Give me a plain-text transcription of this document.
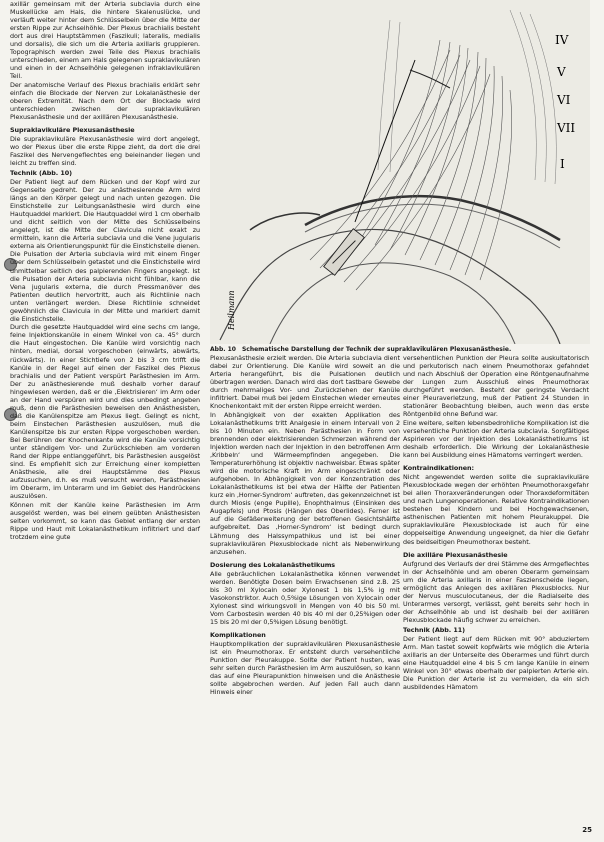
axillär gemeinsam mit der Arteria subclavia durch eine Muskellücke am Hals, die hintere Skalenuslücke, und verläuft weiter hinter dem Schlüsselbein über die Mitte der ersten Rippe zur Achselhöhle. Der Plexus brachialis besteht dort aus drei Hauptstämmen (Faszikuli; lateralis, medialis und dorsalis), die sich um die Arteria axillaris gruppieren. Topographisch werden zwei Teile des Plexus brachialis unterschieden, einem am Hals gelegenen supraklavikulären und einen in der Achselhöhle gelegenen infraklavikulären Teil.

Der anatomische Verlauf des Plexus brachialis erklärt sehr einfach die Blockade der Nerven zur Lokalanästhesie der oberen Extremität. Nach dem Ort der Blockade wird unterschieden zwischen der supraklavikulären Plexusanästhesie und der axillären Plexusanästhesie.

Supraklavikuläre Plexusanästhesie

Die supraklavikuläre Plexusanästhesie wird dort angelegt, wo der Plexus über die erste Rippe zieht, da dort die drei Faszikel des Nervengeflechtes eng beieinander liegen und leicht zu treffen sind.

Technik (Abb. 10)

Der Patient liegt auf dem Rücken und der Kopf wird zur Gegenseite gedreht. Der zu anästhesierende Arm wird längs an den Körper gelegt und nach unten gezogen. Die Einstichstelle zur Leitungsanästhesie wird durch eine Hautquaddel markiert. Die Hautquaddel wird 1 cm oberhalb und dicht seitlich von der Mitte des Schlüsselbeins angelegt, ist die Mitte der Clavicula nicht exakt zu ermitteln, kann die Arteria subclavia und die Vene jugularis externa als Orientierungspunkt für die Einstichstelle dienen. Die Pulsation der Arteria subclavia wird mit einem Finger über dem Schlüsselbein getastet und die Einstichstelle wird unmittelbar seitlich des palpierenden Fingers angelegt. Ist die Pulsation der Arteria subclavia nicht fühlbar, kann die Vena jugularis externa, die durch Pressmanöver des Patienten deutlich hervortritt, auch als Richtlinie nach unten verlängert werden. Diese Richtlinie schneidet gewöhnlich die Clavicula in der Mitte und markiert damit die Einstichstelle.

Durch die gesetzte Hautquaddel wird eine sechs cm lange, feine Injektionskanüle in einem Winkel von ca. 45° durch die Haut eingestochen. Die Kanüle wird vorsichtig nach hinten, medial, dorsal vorgeschoben (einwärts, abwärts, rückwärts). In einer Stichtiefe von 2 bis 3 cm trifft die Kanüle in der Regel auf einen der Faszikel des Plexus brachialis und der Patient verspürt Parästhesien im Arm. Der zu anästhesierende muß deshalb vorher darauf hingewiesen werden, daß er die ‚Elektrisieren‘ im Arm oder an der Hand verspüren wird und dies unbedingt angeben muß, denn die Parästhesien beweisen den Anästhesisten, daß die Kanülenspitze am Plexus liegt. Gelingt es nicht, beim Einstechen Parästhesien auszulösen, muß die Kanülenspitze bis zur ersten Rippe vorgeschoben werden. Bei Berühren der Knochenkante wird die Kanüle vorsichtig unter ständigem Vor- und Zurückschieben am vorderen Rand der Rippe entlanggeführt, bis Parästhesien ausgelöst sind. Es empfiehlt sich zur Erreichung einer kompletten Anästhesie, alle drei Hauptstämme des Plexus aufzusuchen, d.h. es muß versucht werden, Parästhesien im Oberarm, im Unterarm und im Gebiet des Handrückens auszulösen.

Können mit der Kanüle keine Parästhesien im Arm ausgelöst werden, was bei einem geübten Anästhesisten selten vorkommt, so kann das Gebiet entlang der ersten Rippe und Haut mit Lokalanästhetikum infiltriert und darf trotzdem eine gute

IV
V
VI
VII
I
Heilmann
Abb. 10 Schematische Darstellung der Technik der supraklavikulären Plexusanästhesie.

Plexusanästhesie erzielt werden. Die Arteria subclavia dient dabei zur Orientierung. Die Kanüle wird soweit an die Arteria herangeführt, bis die Pulsationen deutlich übertragen werden. Danach wird das dort tastbare Gewebe durch mehrmaliges Vor- und Zurückziehen der Kanüle infiltriert. Dabei muß bei jedem Einstechen wieder erneutes Knochenkontakt mit der ersten Rippe erreicht werden.

In Abhängigkeit von der exakten Applikation des Lokalanästhetikums tritt Analgesie in einem Intervall von 2 bis 10 Minuten ein. Neben Parästhesien in Form von brennenden oder elektrisierenden Schmerzen während der Injektion werden nach der Injektion in den betroffenen Arm ‚Kribbeln‘ und Wärmeempfinden angegeben. Die Temperaturerhöhung ist objektiv nachweisbar. Etwas später wird die motorische Kraft im Arm eingeschränkt oder aufgehoben. In Abhängigkeit von der Konzentration des Lokalanästhetikums ist bei etwa der Hälfte der Patienten kurz ein ‚Horner-Syndrom‘ auftreten, das gekennzeichnet ist durch Miosis (enge Pupille), Enophthalmus (Einsinken des Augapfels) und Ptosis (Hängen des Oberlides). Ferner ist auf die Gefäßerweiterung der betroffenen Gesichtshälfte aufgebreitet. Das ‚Horner-Syndrom‘ ist bedingt durch Lähmung des Halssympathikus und ist bei einer supraklavikulären Plexusblockade nicht als Nebenwirkung anzusehen.

Dosierung des Lokalanästhetikums

Alle gebräuchlichen Lokalanästhetika können verwendet werden. Benötigte Dosen beim Erwachsenen sind z.B. 25 bis 30 ml Xylocain oder Xylonest 1 bis 1,5% ig mit Vasokonstriktor. Auch 0,5%ige Lösungen von Xylocain oder Xylonest sind wirkungsvoll in Mengen von 40 bis 50 ml. Vom Carbostesin werden 40 bis 40 ml der 0,25%igen oder 15 bis 20 ml der 0,5%igen Lösung benötigt.

Komplikationen

Hauptkomplikation der supraklavikulären Plexusanästhesie ist ein Pneumothorax. Er entsteht durch versehentliche Punktion der Pleurakuppe. Sollte der Patient husten, was sehr selten durch Parästhesien im Arm auszulösen, so kann das auf eine Pleurapunktion hinweisen und die Anästhesie sollte abgebrochen werden. Auf jeden Fall auch dann Hinweis einer

versehentlichen Punktion der Pleura sollte auskultatorisch und perkutorisch nach einem Pneumothorax gefahndet und nach Abschluß der Operation eine Röntgenaufnahme der Lungen zum Ausschluß eines Pneumothorax durchgeführt werden. Besteht der geringste Verdacht einer Pleuraverletzung, muß der Patient 24 Stunden in stationärer Beobachtung bleiben, auch wenn das erste Röntgenbild ohne Befund war.

Eine weitere, selten lebensbedrohliche Komplikation ist die versehentliche Punktion der Arteria subclavia. Sorgfältiges Aspirieren vor der Injektion des Lokalanästhetikums ist deshalb erforderlich. Die Wirkung der Lokalanästhesie kann bei Ausbildung eines Hämatoms verringert werden.

Kontraindikationen:

Nicht angewendet werden sollte die supraklavikuläre Plexusblockade wegen der erhöhten Pneumothoraxgefahr bei allen Thoraxveränderungen oder Thoraxdeformitäten und nach Lungenoperationen. Relative Kontraindikationen bestehen bei Kindern und bei Hochgewachsenen, asthenischen Patienten mit hohem Pleurakuppel. Die supraklavikuläre Plexusblockade ist auch für eine doppelseitige Anwendung ungeeignet, da hier die Gefahr des beidseitigen Pneumothorax besteht.

Die axilläre Plexusanästhesie

Aufgrund des Verlaufs der drei Stämme des Armgeflechtes in der Achselhöhle und am oberen Oberarm gemeinsam um die Arteria axillaris in einer Faszienscheide liegen, ermöglicht das Anlegen des axillären Plexusblocks. Nur der Nervus musculocutaneus, der die Radialseite des Unterarmes versorgt, verlässt, geht bereits sehr hoch in der Achselhöhle ab und ist deshalb bei der axillären Plexusblockade häufig schwer zu erreichen.

Technik (Abb. 11)

Der Patient liegt auf dem Rücken mit 90° abduziertem Arm. Man tastet soweit kopfwärts wie möglich die Arteria axillaris an der Unterseite des Oberarmes und führt durch eine Hautquaddel eine 4 bis 5 cm lange Kanüle in einem Winkel von 30° etwas oberhalb der palpierten Arterie ein. Die Punktion der Arterie ist zu vermeiden, da ein sich ausbildendes Hämatom

25
